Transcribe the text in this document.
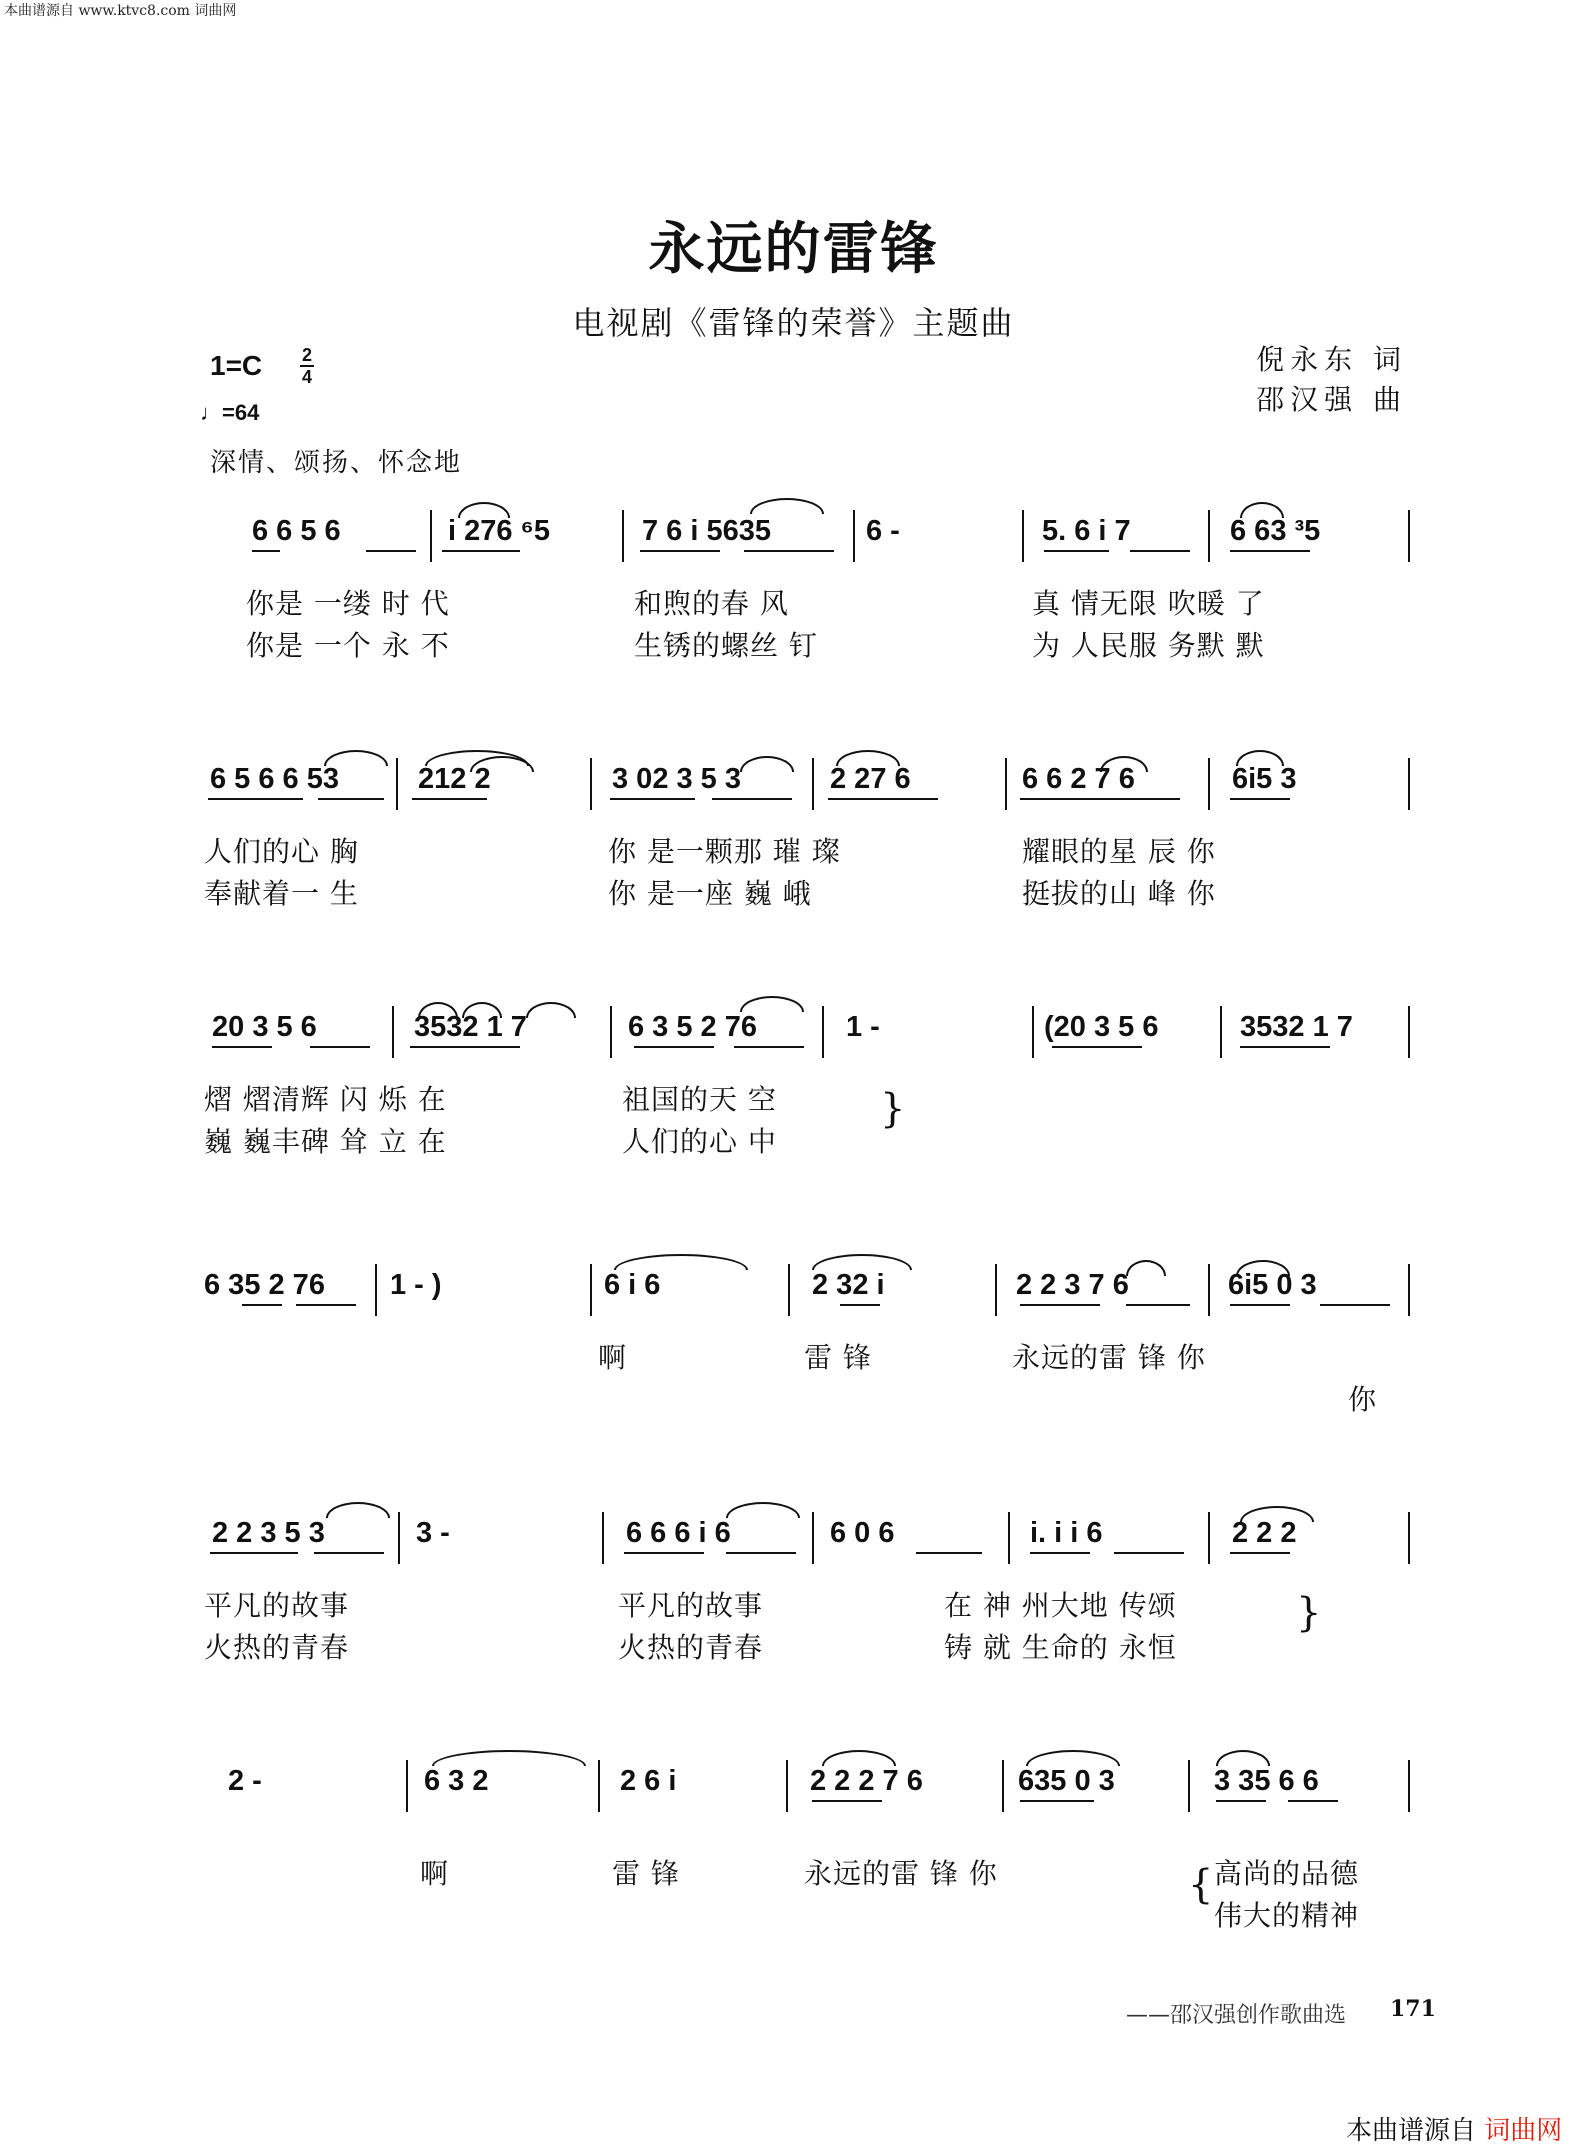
本曲谱源自 www.ktvc8.com 词曲网
永远的雷锋
电视剧《雷锋的荣誉》主题曲
1=C 2
4
♩=64
深情、颂扬、怀念地
倪永东 词
邵汉强 曲
6 6 5 6	i 276 ⁶5	7 6 i 5635	6 -	5. 6 i 7	6 63 ³5
你是 一缕 时 代	和煦的春 风	真 情无限 吹暖 了
你是 一个 永 不	生锈的螺丝 钉	为 人民服 务默 默
6 5 6 6 53	212 2	3 02 3 5 3	2 27 6	6 6 2 7 6	6i5 3
人们的心 胸	你 是一颗那 璀 璨	耀眼的星 辰 你
奉献着一 生	你 是一座 巍 峨	挺拔的山 峰 你
20 3 5 6	3532 1 7	6 3 5 2 76	1 -	(20 3 5 6	3532 1 7
熠 熠清辉 闪 烁 在	祖国的天 空
巍 巍丰碑 耸 立 在	人们的心 中
}
6 35 2 76 1 - )	6 i 6	2 32 i	2 2 3 7 6	6i5 0 3
啊	雷 锋	永远的雷 锋 你
你
2 2 3 5 3	3 -	6 6 6 i 6	6 0 6	i. i i 6	2 2 2
平凡的故事	平凡的故事	在 神 州大地 传颂
火热的青春	火热的青春	铸 就 生命的 永恒
}
2 -	6 3 2	2 6 i	2 2 2 7 6	635 0 3	3 35 6 6
啊	雷 锋	永远的雷 锋 你	高尚的品德
伟大的精神
{
——邵汉强创作歌曲选 171
本曲谱源自 词曲网
